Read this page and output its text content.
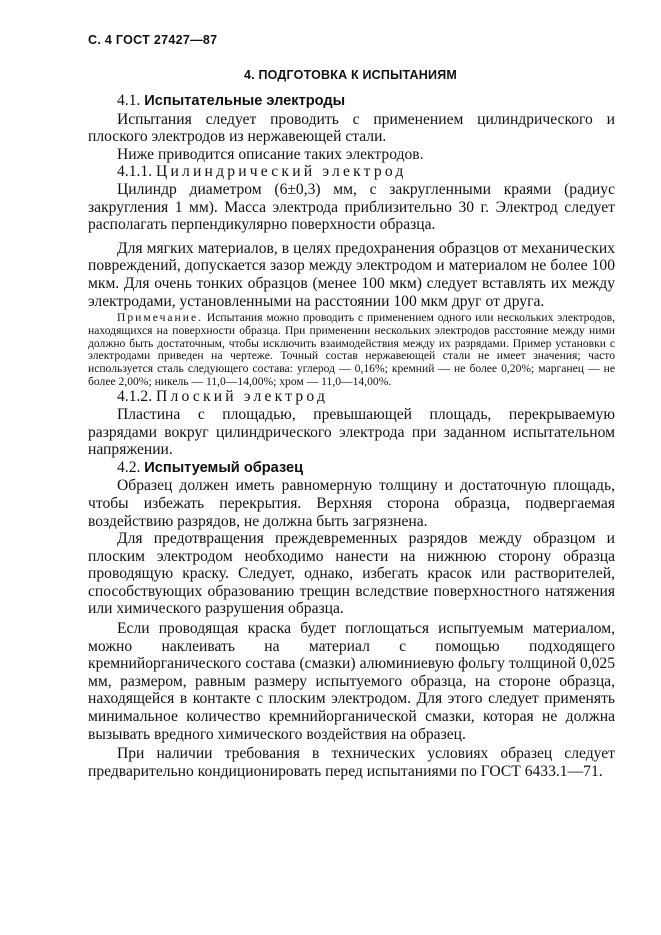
С. 4 ГОСТ 27427—87
4. ПОДГОТОВКА К ИСПЫТАНИЯМ
4.1. Испытательные электроды

Испытания следует проводить с применением цилиндрического и плоского электродов из нержавеющей стали.

Ниже приводится описание таких электродов.

4.1.1. Цилиндрический электрод

Цилиндр диаметром (6±0,3) мм, с закругленными краями (радиус закругления 1 мм). Масса электрода приблизительно 30 г. Электрод следует располагать перпендикулярно поверхности образца.

Для мягких материалов, в целях предохранения образцов от механических повреждений, допускается зазор между электродом и материалом не более 100 мкм. Для очень тонких образцов (менее 100 мкм) следует вставлять их между электродами, установленными на расстоянии 100 мкм друг от друга.

Примечание. Испытания можно проводить с применением одного или нескольких электродов, находящихся на поверхности образца. При применении нескольких электродов расстояние между ними должно быть достаточным, чтобы исключить взаимодействия между их разрядами. Пример установки с электродами приведен на чертеже. Точный состав нержавеющей стали не имеет значения; часто используется сталь следующего состава: углерод — 0,16%; кремний — не более 0,20%; марганец — не более 2,00%; никель — 11,0—14,00%; хром — 11,0—14,00%.

4.1.2. Плоский электрод

Пластина с площадью, превышающей площадь, перекрываемую разрядами вокруг цилиндрического электрода при заданном испытательном напряжении.

4.2. Испытуемый образец

Образец должен иметь равномерную толщину и достаточную площадь, чтобы избежать перекрытия. Верхняя сторона образца, подвергаемая воздействию разрядов, не должна быть загрязнена.

Для предотвращения преждевременных разрядов между образцом и плоским электродом необходимо нанести на нижнюю сторону образца проводящую краску. Следует, однако, избегать красок или растворителей, способствующих образованию трещин вследствие поверхностного натяжения или химического разрушения образца.

Если проводящая краска будет поглощаться испытуемым материалом, можно наклеивать на материал с помощью подходящего кремнийорганического состава (смазки) алюминиевую фольгу толщиной 0,025 мм, размером, равным размеру испытуемого образца, на стороне образца, находящейся в контакте с плоским электродом. Для этого следует применять минимальное количество кремнийорганической смазки, которая не должна вызывать вредного химического воздействия на образец.

При наличии требования в технических условиях образец следует предварительно кондиционировать перед испытаниями по ГОСТ 6433.1—71.
